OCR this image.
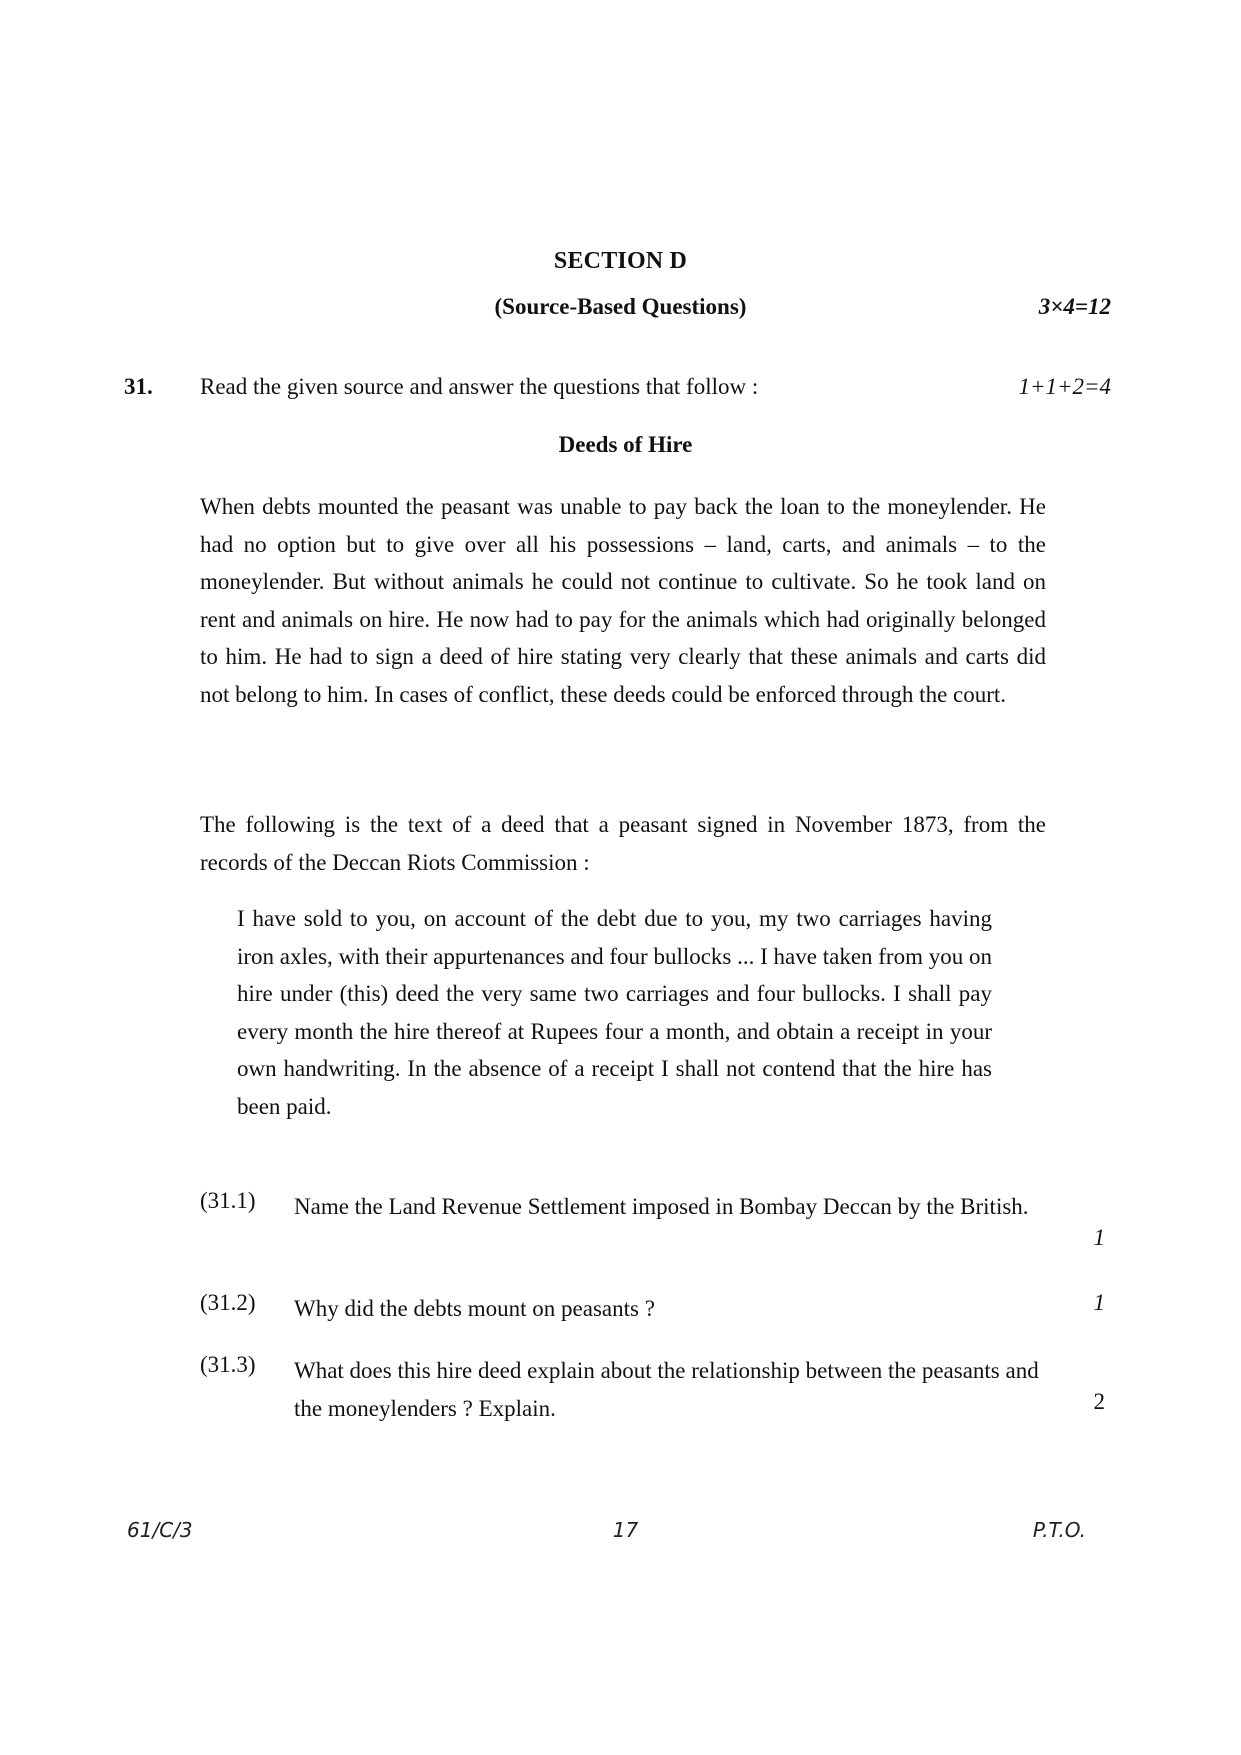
SECTION D
(Source-Based Questions)	3×4=12
31. Read the given source and answer the questions that follow :	1+1+2=4
Deeds of Hire
When debts mounted the peasant was unable to pay back the loan to the moneylender. He had no option but to give over all his possessions – land, carts, and animals – to the moneylender. But without animals he could not continue to cultivate. So he took land on rent and animals on hire. He now had to pay for the animals which had originally belonged to him. He had to sign a deed of hire stating very clearly that these animals and carts did not belong to him. In cases of conflict, these deeds could be enforced through the court.
The following is the text of a deed that a peasant signed in November 1873, from the records of the Deccan Riots Commission :
I have sold to you, on account of the debt due to you, my two carriages having iron axles, with their appurtenances and four bullocks ... I have taken from you on hire under (this) deed the very same two carriages and four bullocks. I shall pay every month the hire thereof at Rupees four a month, and obtain a receipt in your own handwriting. In the absence of a receipt I shall not contend that the hire has been paid.
(31.1) Name the Land Revenue Settlement imposed in Bombay Deccan by the British.
1
(31.2) Why did the debts mount on peasants ?	1
(31.3) What does this hire deed explain about the relationship between the peasants and the moneylenders ? Explain.	2
61/C/3	17	P.T.O.
